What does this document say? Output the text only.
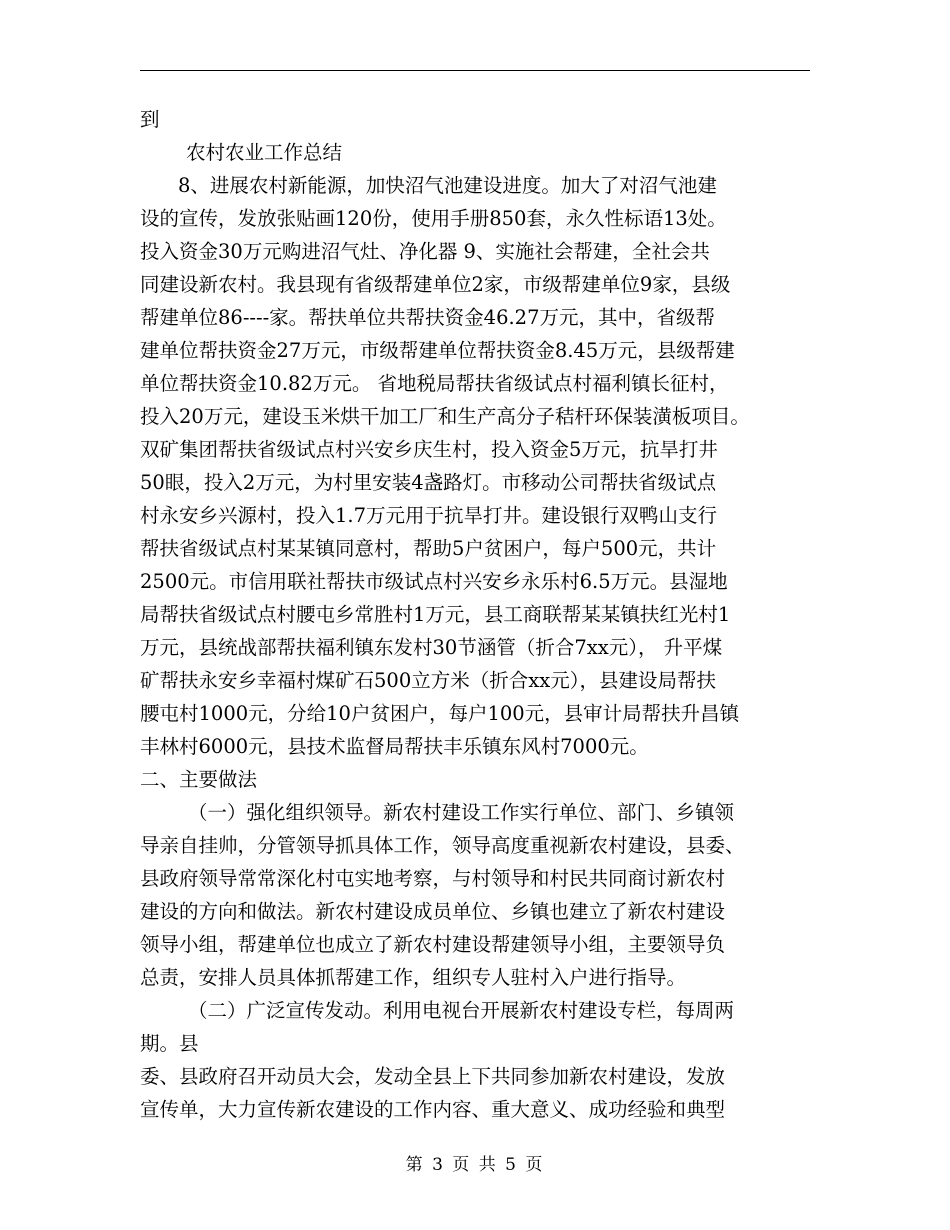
到
农村农业工作总结
8、进展农村新能源，加快沼气池建设进度。加大了对沼气池建
设的宣传，发放张贴画120份，使用手册850套，永久性标语13处。
投入资金30万元购进沼气灶、净化器 9、实施社会帮建，全社会共
同建设新农村。我县现有省级帮建单位2家，市级帮建单位9家，县级
帮建单位86----家。帮扶单位共帮扶资金46.27万元，其中，省级帮
建单位帮扶资金27万元，市级帮建单位帮扶资金8.45万元，县级帮建
单位帮扶资金10.82万元。 省地税局帮扶省级试点村福利镇长征村，
投入20万元，建设玉米烘干加工厂和生产高分子秸杆环保装潢板项目。
双矿集团帮扶省级试点村兴安乡庆生村，投入资金5万元，抗旱打井
50眼，投入2万元，为村里安装4盏路灯。市移动公司帮扶省级试点
村永安乡兴源村，投入1.7万元用于抗旱打井。建设银行双鸭山支行
帮扶省级试点村某某镇同意村，帮助5户贫困户，每户500元，共计
2500元。市信用联社帮扶市级试点村兴安乡永乐村6.5万元。县湿地
局帮扶省级试点村腰屯乡常胜村1万元，县工商联帮某某镇扶红光村1
万元，县统战部帮扶福利镇东发村30节涵管（折合7xx元）， 升平煤
矿帮扶永安乡幸福村煤矿石500立方米（折合xx元），县建设局帮扶
腰屯村1000元，分给10户贫困户，每户100元，县审计局帮扶升昌镇
丰林村6000元，县技术监督局帮扶丰乐镇东风村7000元。
二、主要做法
（一）强化组织领导。新农村建设工作实行单位、部门、乡镇领
导亲自挂帅，分管领导抓具体工作，领导高度重视新农村建设，县委、
县政府领导常常深化村屯实地考察，与村领导和村民共同商讨新农村
建设的方向和做法。新农村建设成员单位、乡镇也建立了新农村建设
领导小组，帮建单位也成立了新农村建设帮建领导小组，主要领导负
总责，安排人员具体抓帮建工作，组织专人驻村入户进行指导。
（二）广泛宣传发动。利用电视台开展新农村建设专栏，每周两
期。县
委、县政府召开动员大会，发动全县上下共同参加新农村建设，发放
宣传单，大力宣传新农建设的工作内容、重大意义、成功经验和典型
第 3 页 共 5 页
